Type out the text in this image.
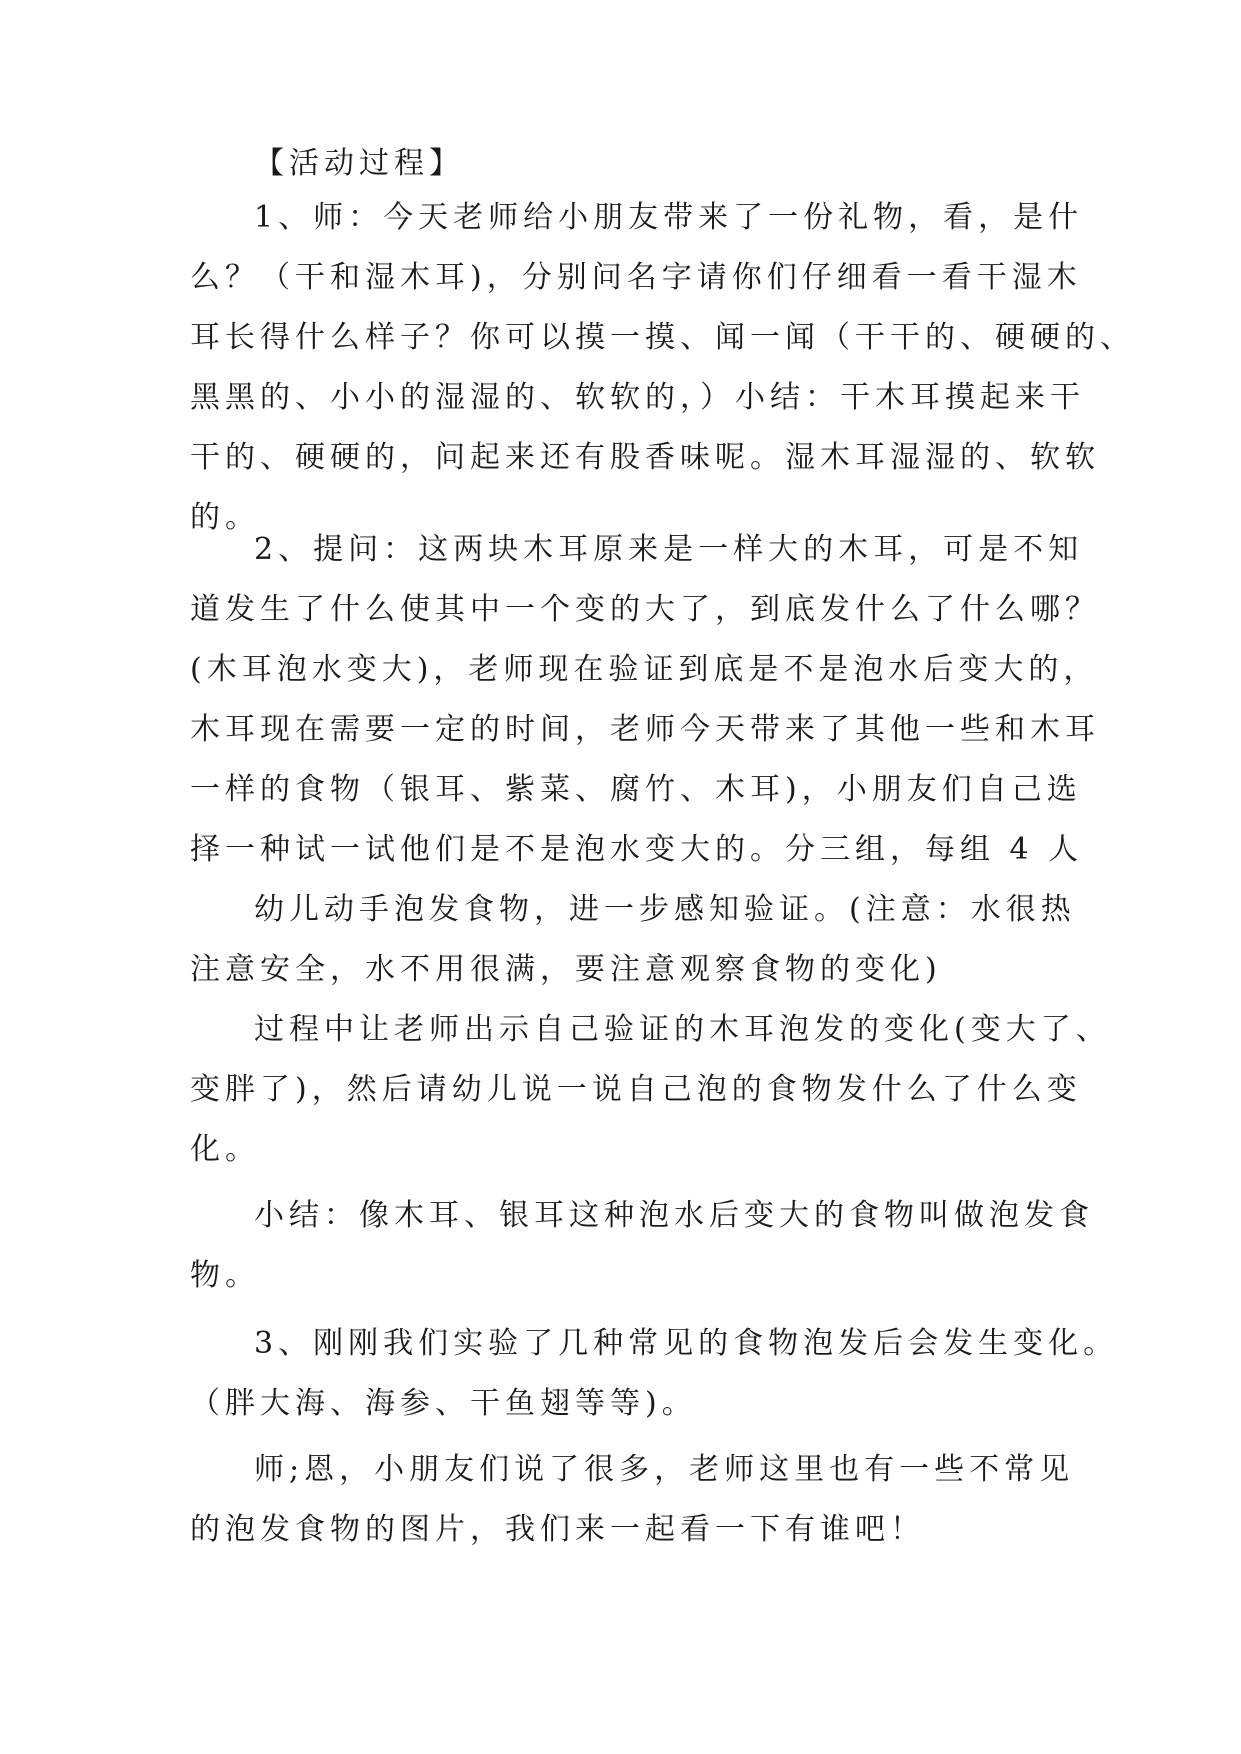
【活动过程】
1、师：今天老师给小朋友带来了一份礼物，看，是什
么？（干和湿木耳)，分别问名字请你们仔细看一看干湿木
耳长得什么样子？你可以摸一摸、闻一闻（干干的、硬硬的、
黑黑的、小小的湿湿的、软软的，）小结：干木耳摸起来干
干的、硬硬的，问起来还有股香味呢。湿木耳湿湿的、软软
的。
2、提问：这两块木耳原来是一样大的木耳，可是不知
道发生了什么使其中一个变的大了，到底发什么了什么哪？
(木耳泡水变大)，老师现在验证到底是不是泡水后变大的，
木耳现在需要一定的时间，老师今天带来了其他一些和木耳
一样的食物（银耳、紫菜、腐竹、木耳)，小朋友们自己选
择一种试一试他们是不是泡水变大的。分三组，每组 4 人
幼儿动手泡发食物，进一步感知验证。(注意：水很热
注意安全，水不用很满，要注意观察食物的变化)
过程中让老师出示自己验证的木耳泡发的变化(变大了、
变胖了)，然后请幼儿说一说自己泡的食物发什么了什么变
化。
小结：像木耳、银耳这种泡水后变大的食物叫做泡发食
物。
3、刚刚我们实验了几种常见的食物泡发后会发生变化。
（胖大海、海参、干鱼翅等等)。
师;恩，小朋友们说了很多，老师这里也有一些不常见
的泡发食物的图片，我们来一起看一下有谁吧！
